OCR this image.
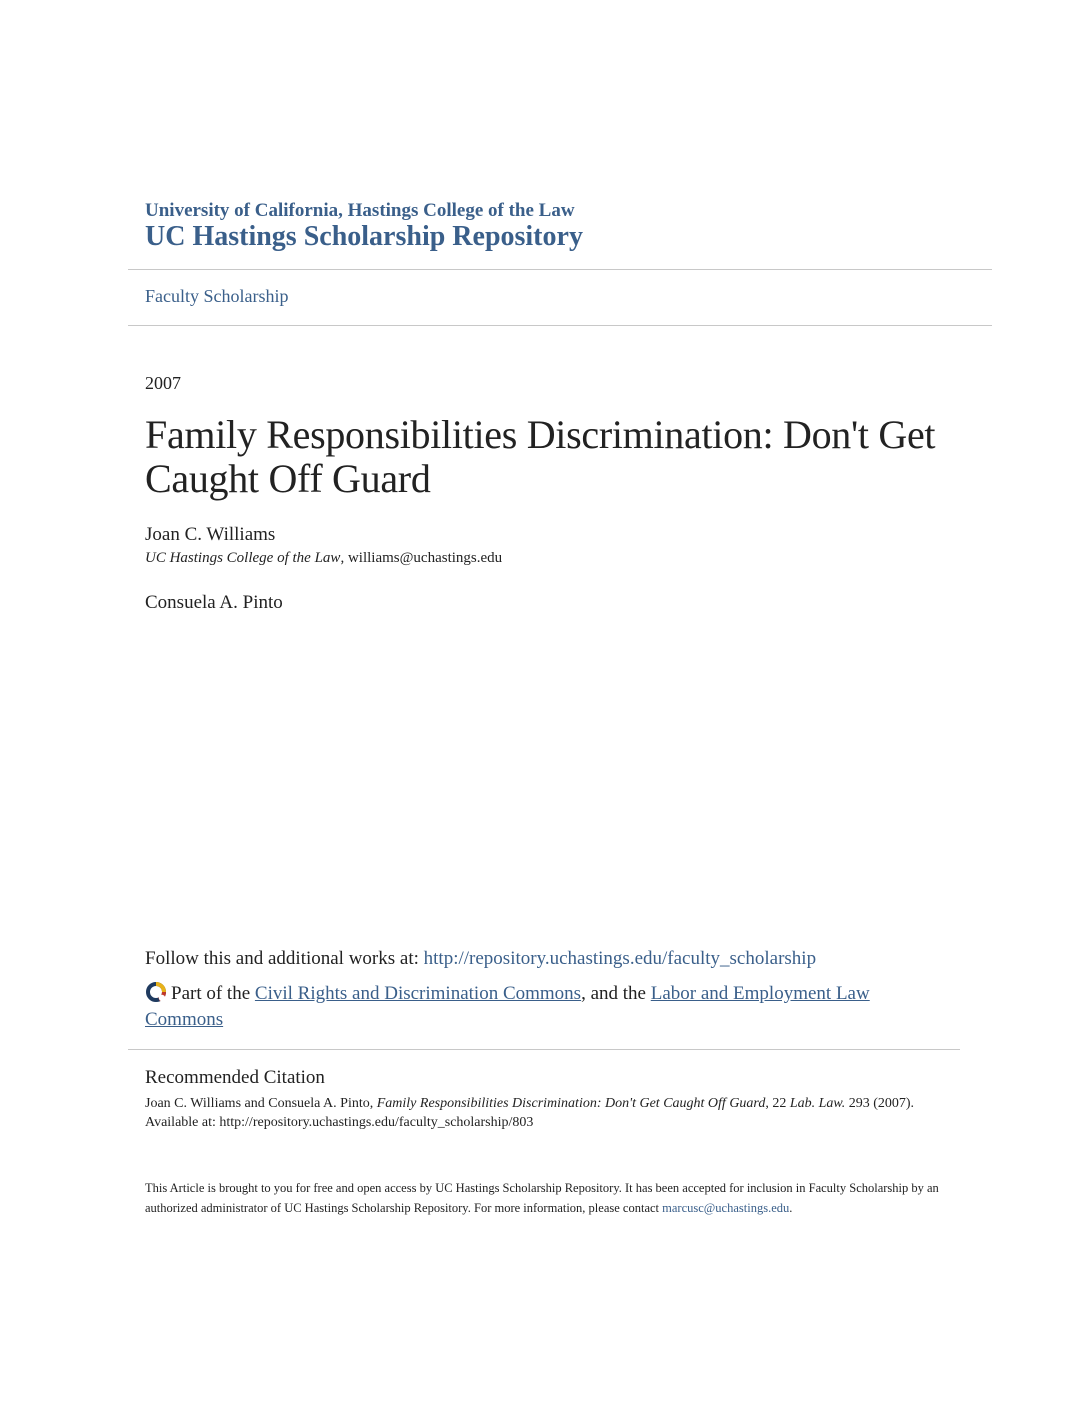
University of California, Hastings College of the Law
UC Hastings Scholarship Repository
Faculty Scholarship
2007
Family Responsibilities Discrimination: Don't Get Caught Off Guard
Joan C. Williams
UC Hastings College of the Law, williams@uchastings.edu
Consuela A. Pinto
Follow this and additional works at: http://repository.uchastings.edu/faculty_scholarship
Part of the Civil Rights and Discrimination Commons, and the Labor and Employment Law Commons
Recommended Citation
Joan C. Williams and Consuela A. Pinto, Family Responsibilities Discrimination: Don't Get Caught Off Guard, 22 Lab. Law. 293 (2007).
Available at: http://repository.uchastings.edu/faculty_scholarship/803
This Article is brought to you for free and open access by UC Hastings Scholarship Repository. It has been accepted for inclusion in Faculty Scholarship by an authorized administrator of UC Hastings Scholarship Repository. For more information, please contact marcusc@uchastings.edu.
